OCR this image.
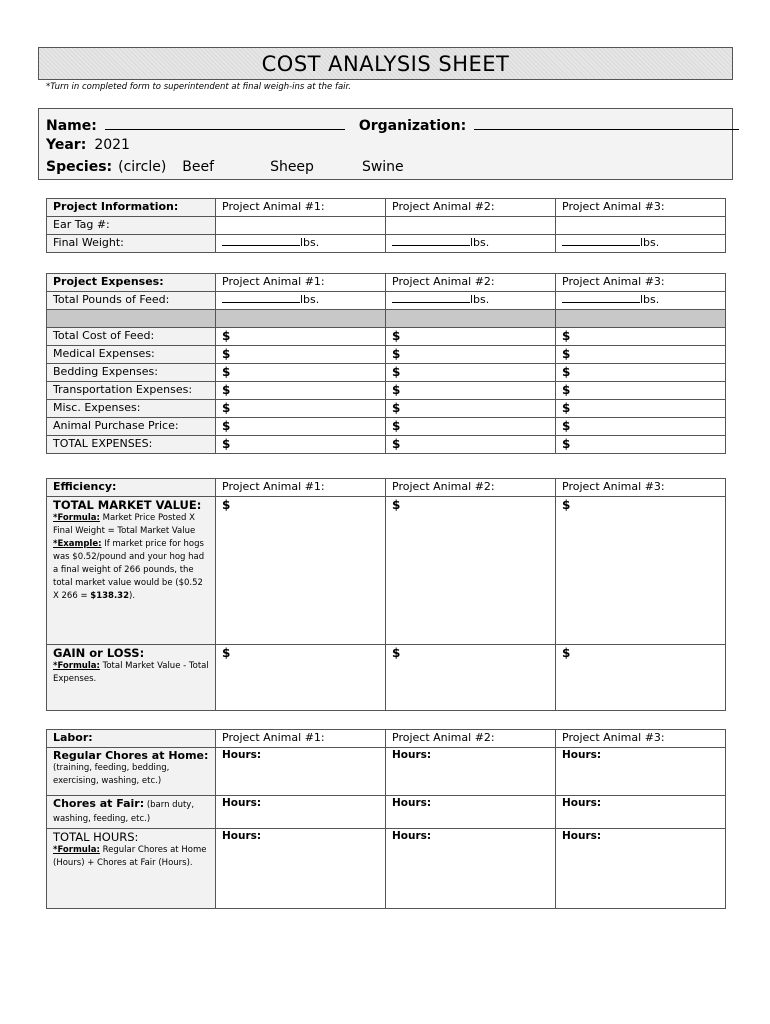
COST ANALYSIS SHEET
*Turn in completed form to superintendent at final weigh-ins at the fair.
Name:	Organization:
Year: 2021
Species: (circle) Beef	Sheep	Swine
Project Information:	Project Animal #1:	Project Animal #2:	Project Animal #3:
Ear Tag #:			
Final Weight:	lbs.	lbs.	lbs.
Project Expenses:	Project Animal #1:	Project Animal #2:	Project Animal #3:
Total Pounds of Feed:	lbs.	lbs.	lbs.

Total Cost of Feed:	$	$	$
Medical Expenses:	$	$	$
Bedding Expenses:	$	$	$
Transportation Expenses:	$	$	$
Misc. Expenses:	$	$	$
Animal Purchase Price:	$	$	$
TOTAL EXPENSES:	$	$	$
Efficiency:	Project Animal #1:	Project Animal #2:	Project Animal #3:

TOTAL MARKET VALUE:
*Formula: Market Price Posted X Final Weight = Total Market Value
*Example: If market price for hogs was $0.52/pound and your hog had a final weight of 266 pounds, the total market value would be ($0.52 X 266 = $138.32).	$	$	$

GAIN or LOSS:
*Formula: Total Market Value - Total Expenses.	$	$	$
Labor:	Project Animal #1:	Project Animal #2:	Project Animal #3:

Regular Chores at Home:
(training, feeding, bedding, exercising, washing, etc.)	Hours:	Hours:	Hours:

Chores at Fair: (barn duty, washing, feeding, etc.)	Hours:	Hours:	Hours:

TOTAL HOURS:
*Formula: Regular Chores at Home (Hours) + Chores at Fair (Hours).	Hours:	Hours:	Hours:
